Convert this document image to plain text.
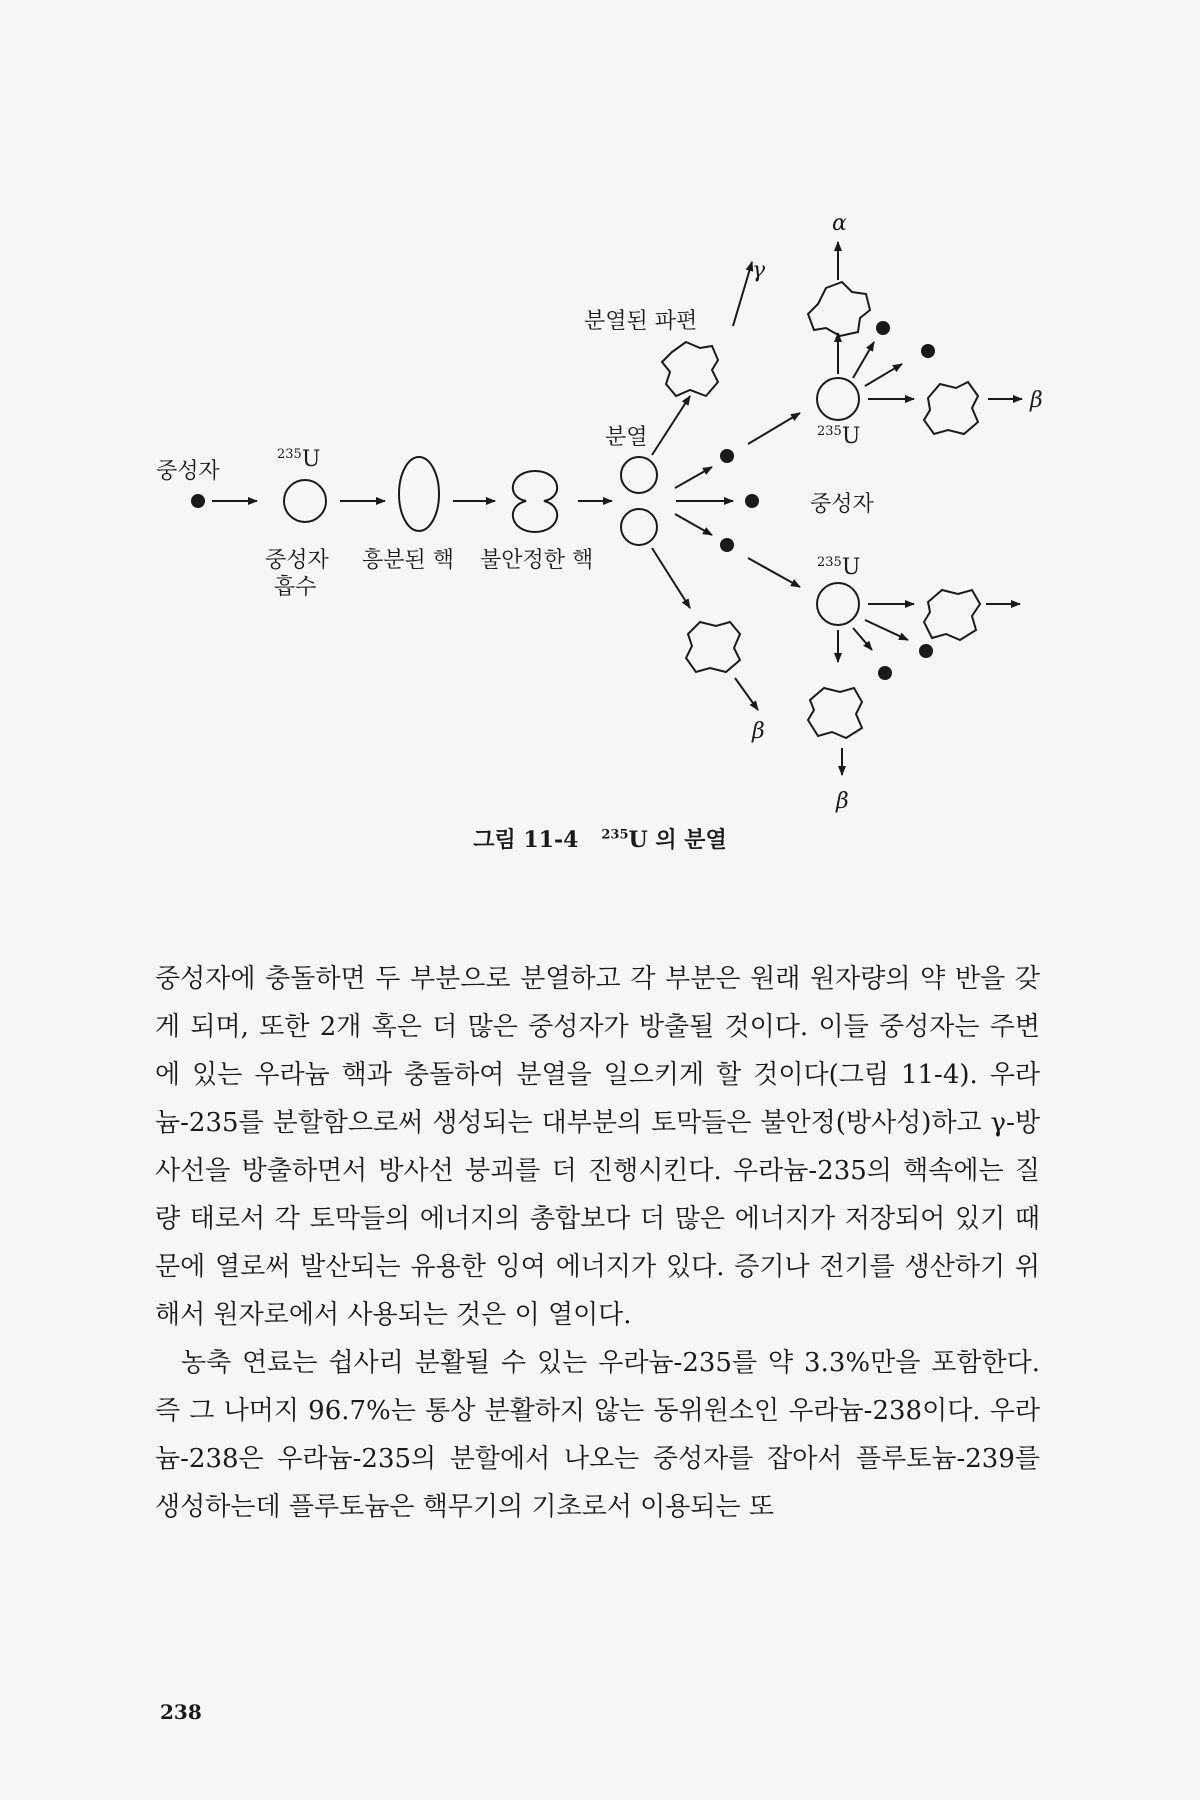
중성자
$^{235}$U
중성자
흡수
흥분된 핵 불안정한 핵
분열
분열된 파편
중성자
$^{235}$U
$^{235}$U
α
γ
β
β
β
그림 11-4 $^{235}$U 의 분열

중성자에 충돌하면 두 부분으로 분열하고 각 부분은 원래 원자량의 약 반을 갖게 되며, 또한 2개 혹은 더 많은 중성자가 방출될 것이다. 이들 중성자는 주변에 있는 우라늄 핵과 충돌하여 분열을 일으키게 할 것이다(그림 11-4). 우라늄-235를 분할함으로써 생성되는 대부분의 토막들은 불안정(방사성)하고 γ-방사선을 방출하면서 방사선 붕괴를 더 진행시킨다. 우라늄-235의 핵속에는 질량 태로서 각 토막들의 에너지의 총합보다 더 많은 에너지가 저장되어 있기 때문에 열로써 발산되는 유용한 잉여 에너지가 있다. 증기나 전기를 생산하기 위해서 원자로에서 사용되는 것은 이 열이다.

농축 연료는 쉽사리 분활될 수 있는 우라늄-235를 약 3.3%만을 포함한다. 즉 그 나머지 96.7%는 통상 분활하지 않는 동위원소인 우라늄-238이다. 우라늄-238은 우라늄-235의 분할에서 나오는 중성자를 잡아서 플루토늄-239를 생성하는데 플루토늄은 핵무기의 기초로서 이용되는 또

238
